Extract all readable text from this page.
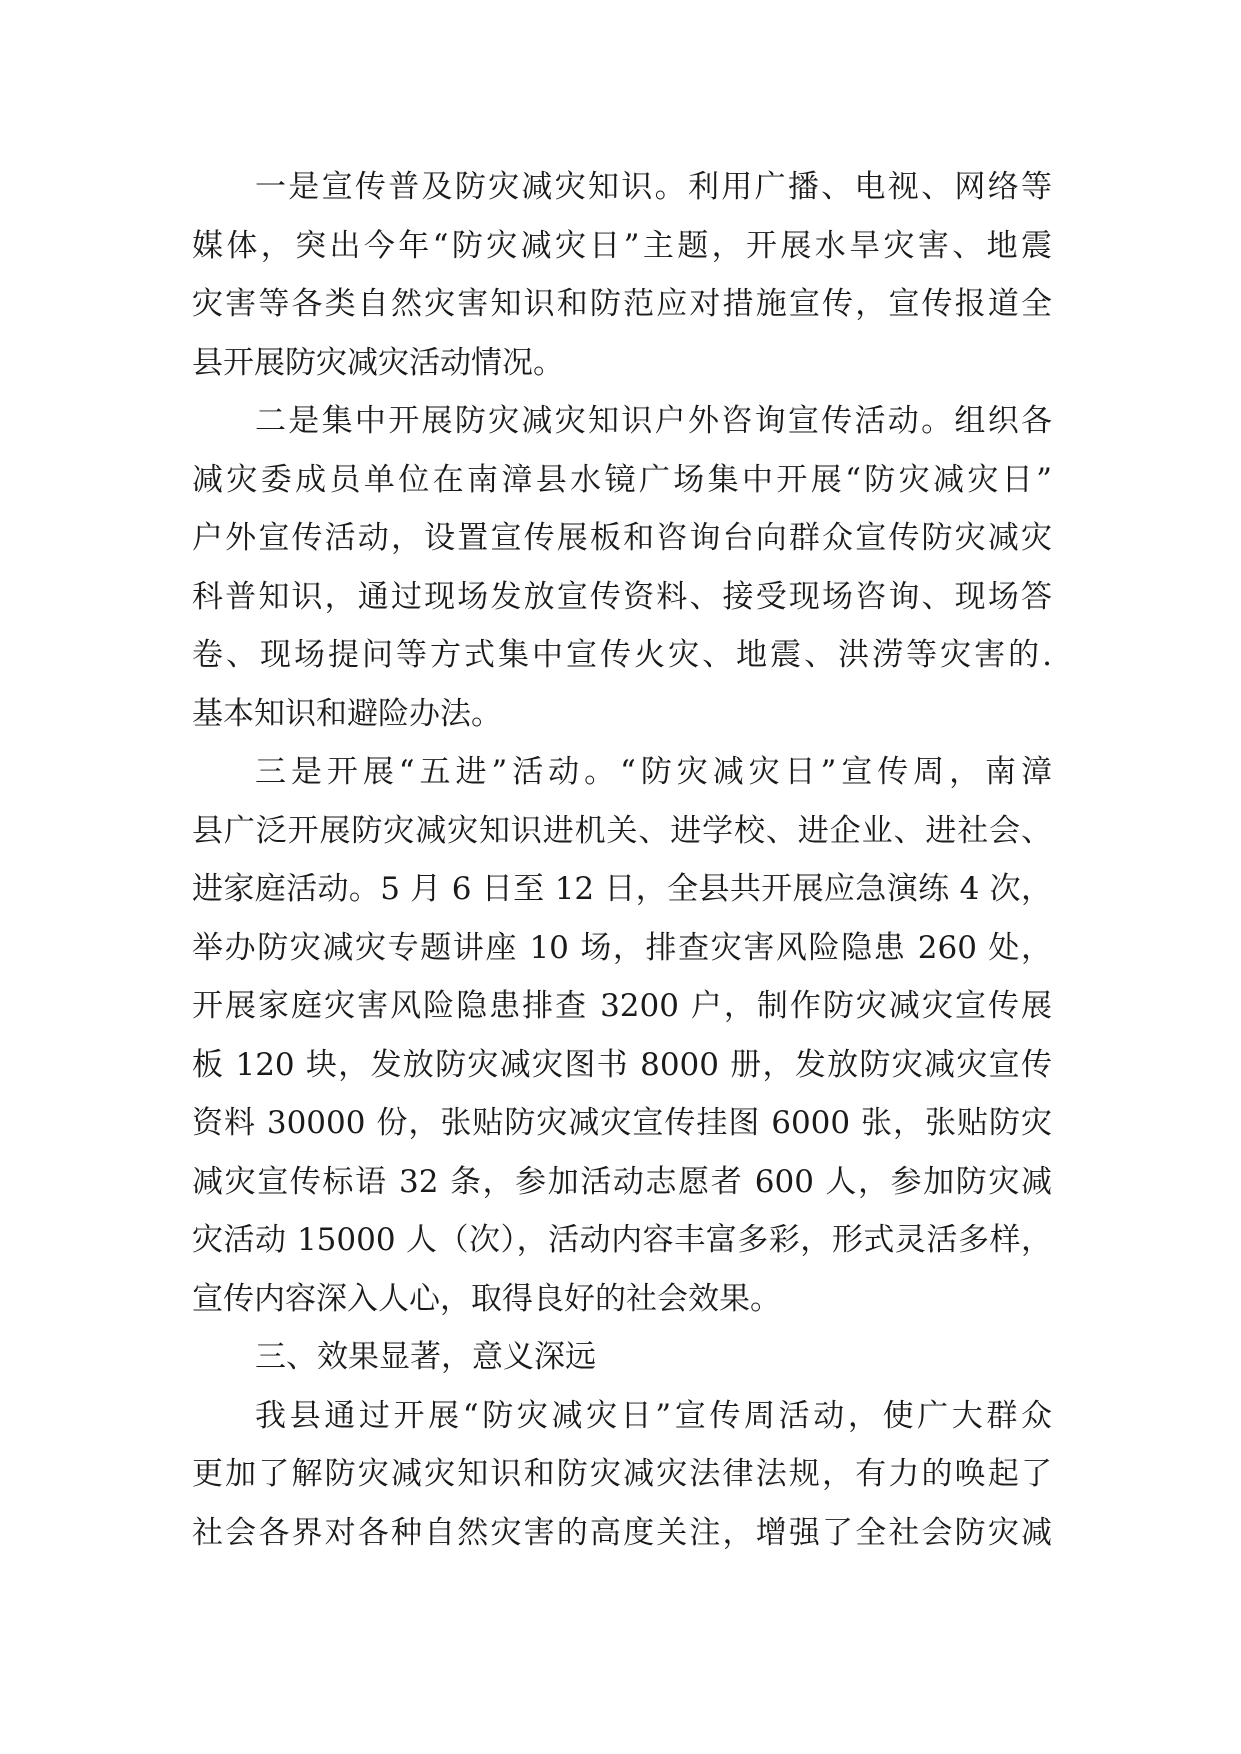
一是宣传普及防灾减灾知识。利用广播、电视、网络等
媒体，突出今年“防灾减灾日”主题，开展水旱灾害、地震
灾害等各类自然灾害知识和防范应对措施宣传，宣传报道全
县开展防灾减灾活动情况。
二是集中开展防灾减灾知识户外咨询宣传活动。组织各
减灾委成员单位在南漳县水镜广场集中开展“防灾减灾日”
户外宣传活动，设置宣传展板和咨询台向群众宣传防灾减灾
科普知识，通过现场发放宣传资料、接受现场咨询、现场答
卷、现场提问等方式集中宣传火灾、地震、洪涝等灾害的.
基本知识和避险办法。
三是开展“五进”活动。“防灾减灾日”宣传周，南漳
县广泛开展防灾减灾知识进机关、进学校、进企业、进社会、
进家庭活动。5 月 6 日至 12 日，全县共开展应急演练 4 次，
举办防灾减灾专题讲座 10 场，排查灾害风险隐患 260 处，
开展家庭灾害风险隐患排查 3200 户，制作防灾减灾宣传展
板 120 块，发放防灾减灾图书 8000 册，发放防灾减灾宣传
资料 30000 份，张贴防灾减灾宣传挂图 6000 张，张贴防灾
减灾宣传标语 32 条，参加活动志愿者 600 人，参加防灾减
灾活动 15000 人（次），活动内容丰富多彩，形式灵活多样，
宣传内容深入人心，取得良好的社会效果。
三、效果显著，意义深远
我县通过开展“防灾减灾日”宣传周活动，使广大群众
更加了解防灾减灾知识和防灾减灾法律法规，有力的唤起了
社会各界对各种自然灾害的高度关注，增强了全社会防灾减
